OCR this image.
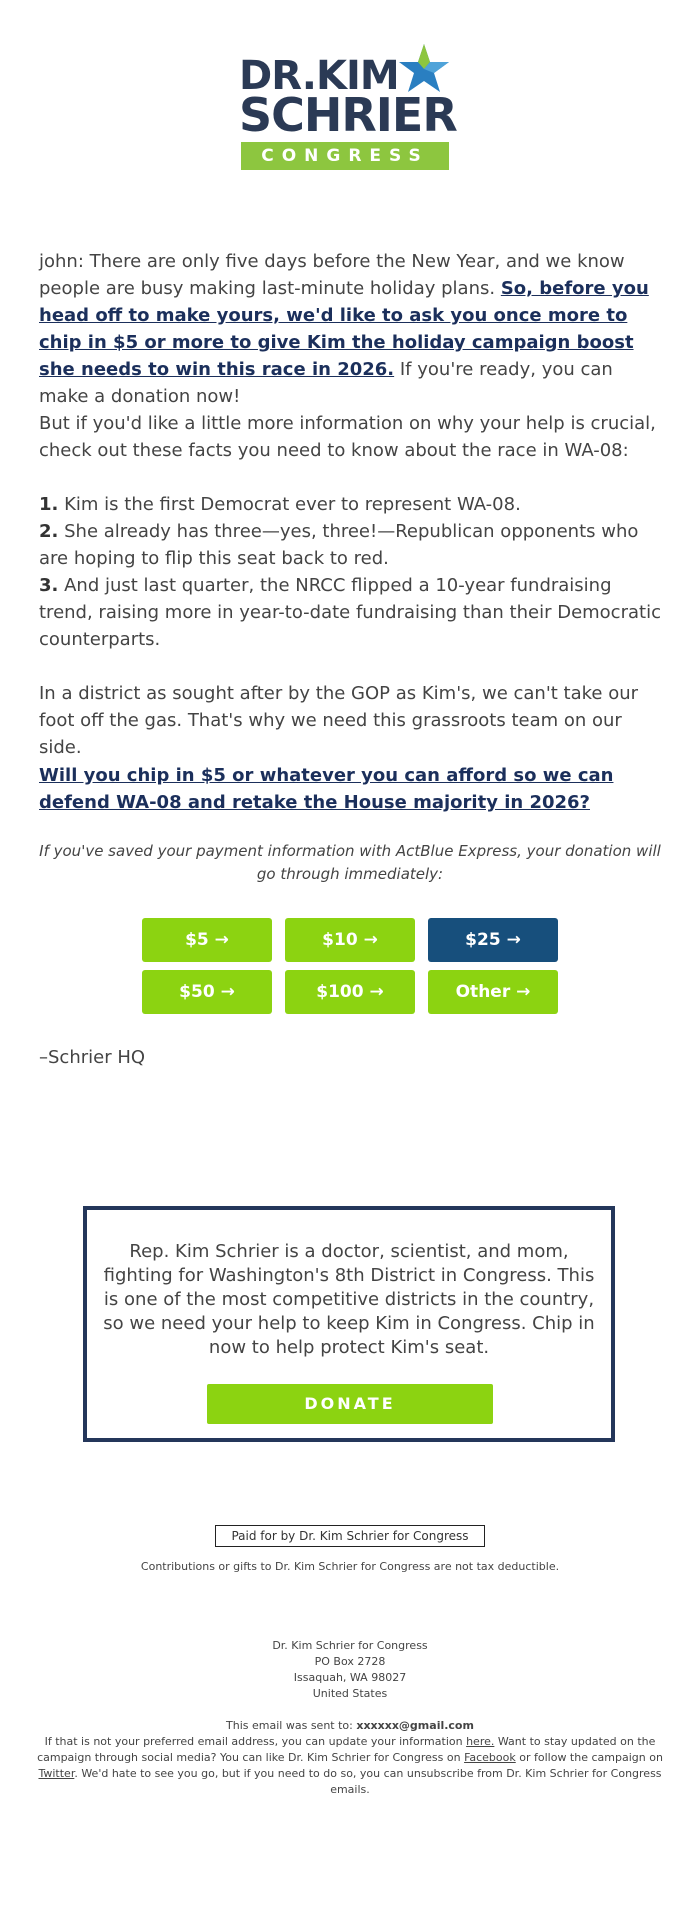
DR.KIM
SCHRIER
CONGRESS

john: There are only five days before the New Year, and we know people are busy making last-minute holiday plans. So, before you head off to make yours, we'd like to ask you once more to chip in $5 or more to give Kim the holiday campaign boost she needs to win this race in 2026. If you're ready, you can make a donation now!

But if you'd like a little more information on why your help is crucial, check out these facts you need to know about the race in WA-08:

1. Kim is the first Democrat ever to represent WA-08.

2. She already has three—yes, three!—Republican opponents who are hoping to flip this seat back to red.

3. And just last quarter, the NRCC flipped a 10-year fundraising trend, raising more in year-to-date fundraising than their Democratic counterparts.

In a district as sought after by the GOP as Kim's, we can't take our foot off the gas. That's why we need this grassroots team on our side.
Will you chip in $5 or whatever you can afford so we can defend WA-08 and retake the House majority in 2026?
If you've saved your payment information with ActBlue Express, your donation will go through immediately:
$5 →	$10 →	$25 →
$50 →	$100 →	Other →
–Schrier HQ
Rep. Kim Schrier is a doctor, scientist, and mom, fighting for Washington's 8th District in Congress. This is one of the most competitive districts in the country, so we need your help to keep Kim in Congress. Chip in now to help protect Kim's seat.
DONATE
Paid for by Dr. Kim Schrier for Congress
Contributions or gifts to Dr. Kim Schrier for Congress are not tax deductible.
Dr. Kim Schrier for Congress
PO Box 2728
Issaquah, WA 98027
United States
This email was sent to: xxxxxx@gmail.com
If that is not your preferred email address, you can update your information here. Want to stay updated on the campaign through social media? You can like Dr. Kim Schrier for Congress on Facebook or follow the campaign on Twitter. We'd hate to see you go, but if you need to do so, you can unsubscribe from Dr. Kim Schrier for Congress emails.
